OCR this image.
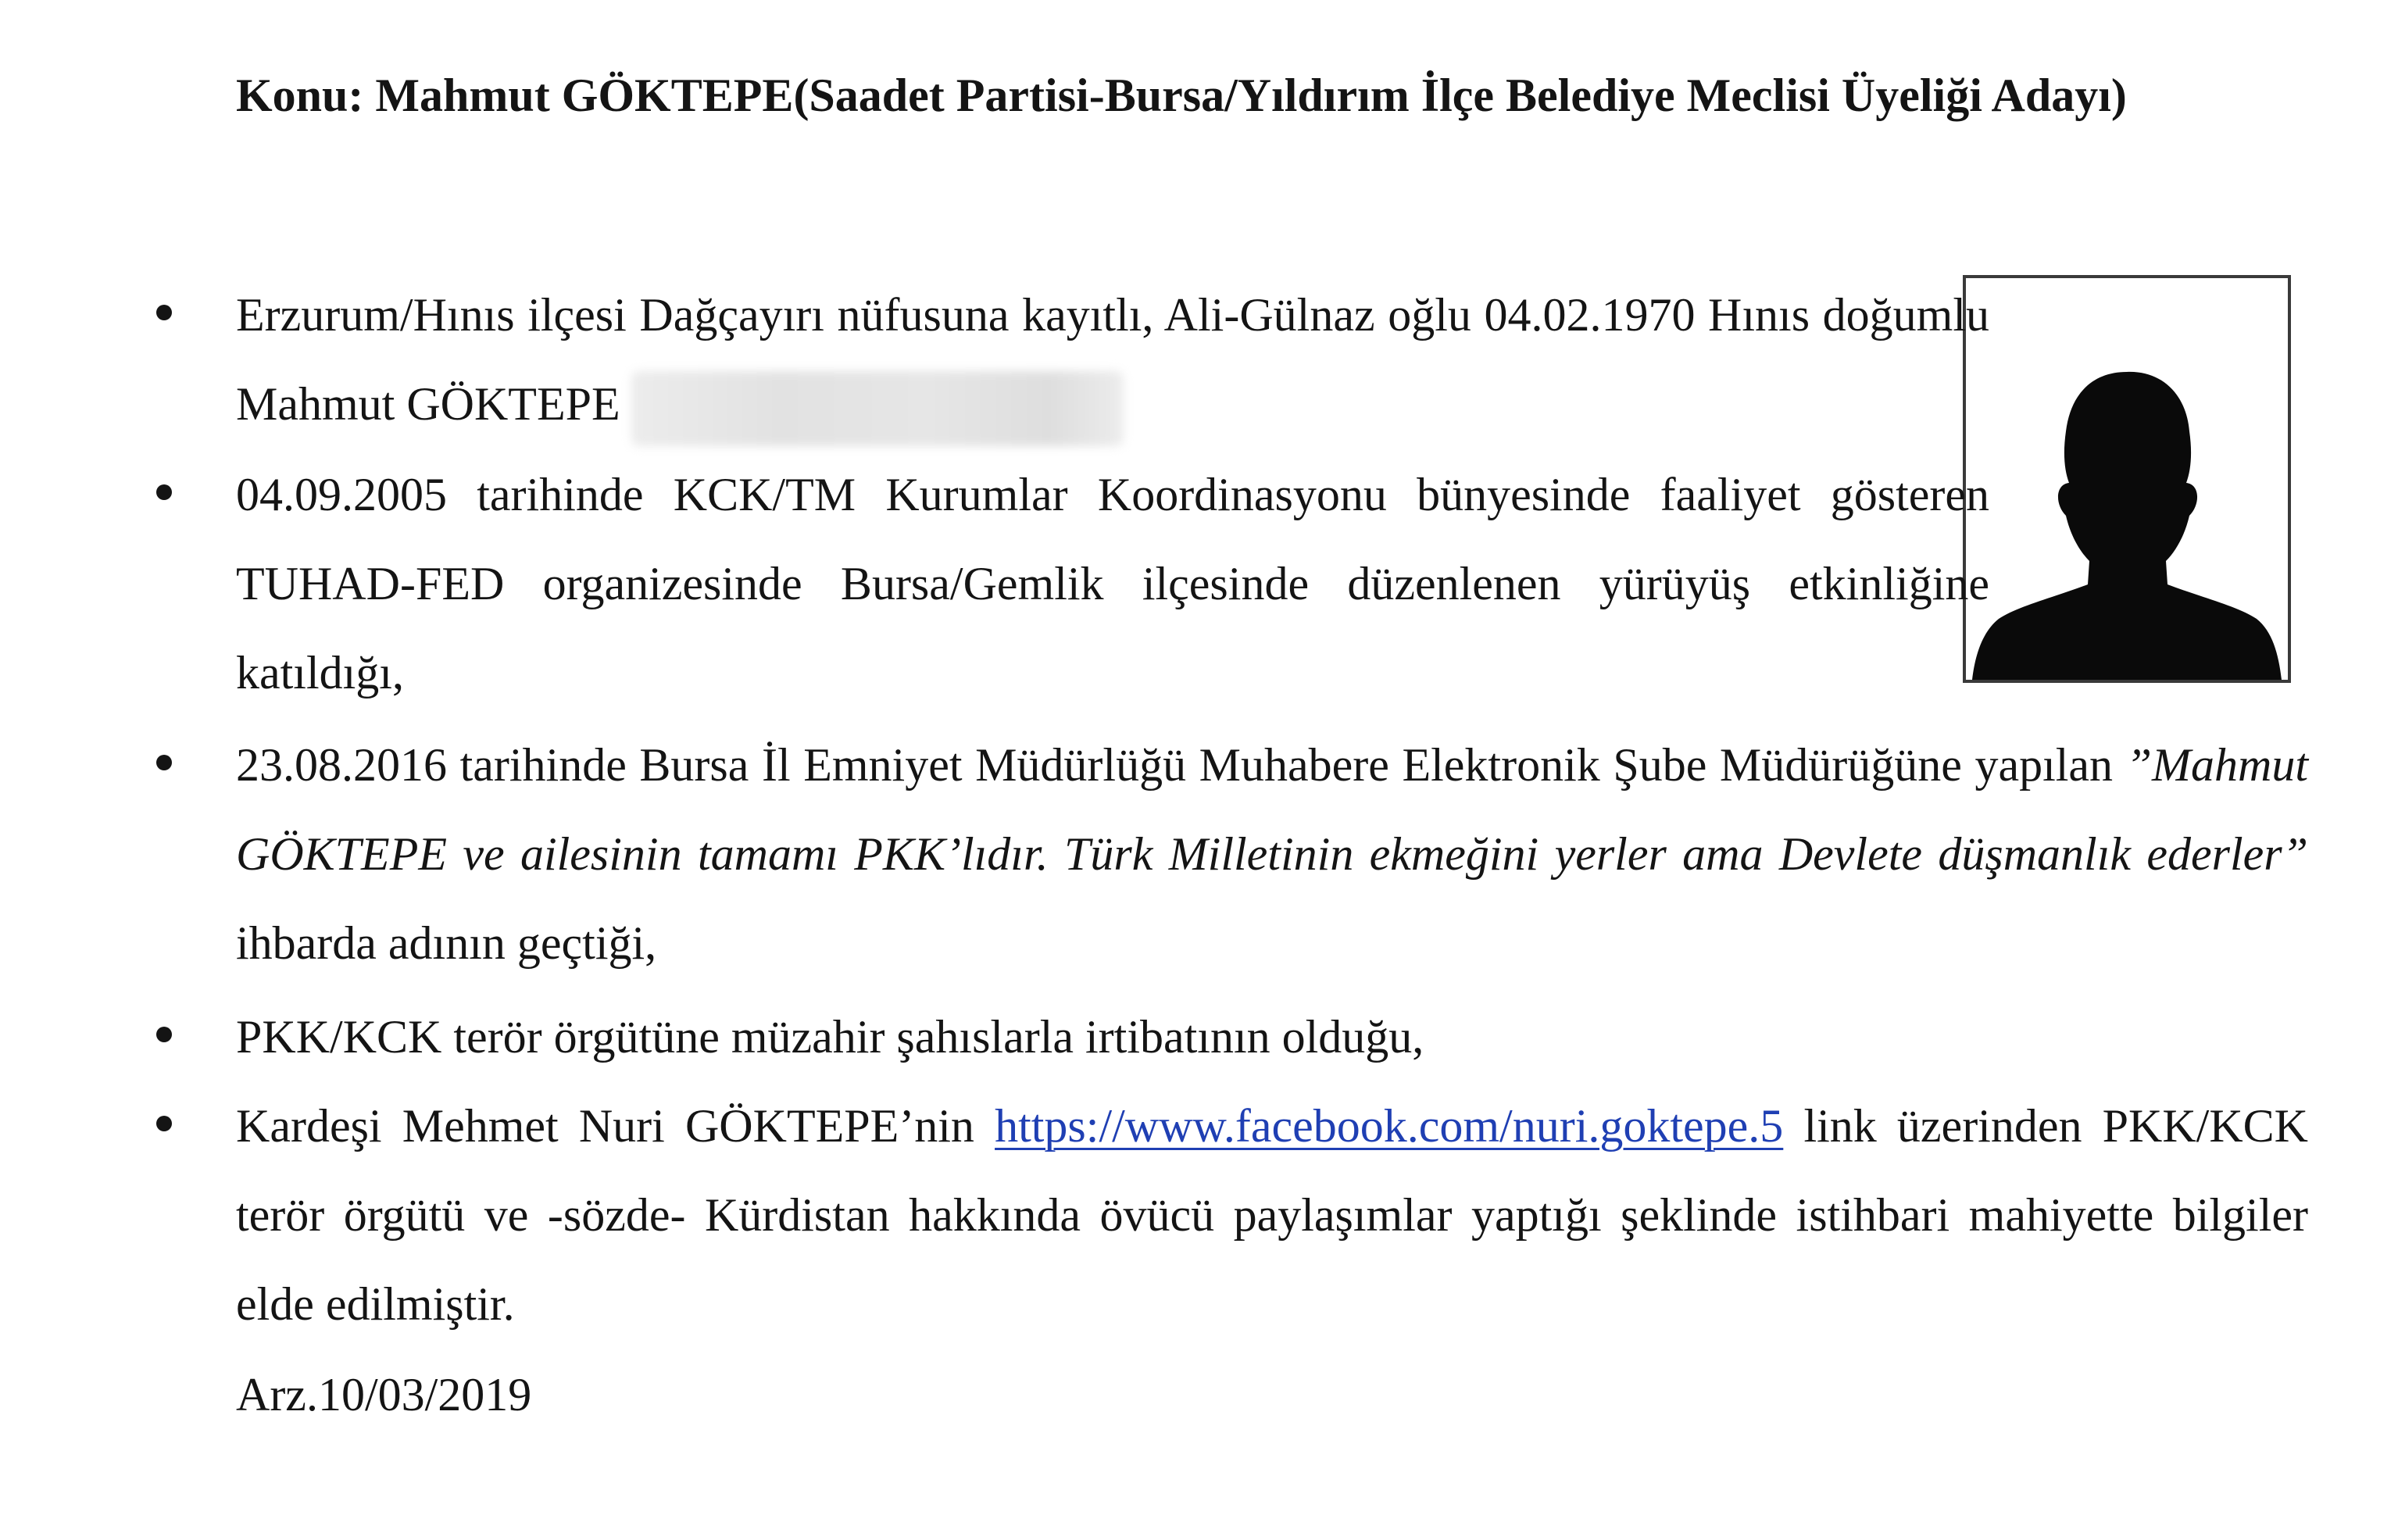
Konu: Mahmut GÖKTEPE(Saadet Partisi-Bursa/Yıldırım İlçe Belediye Meclisi Üyeliği Adayı)
Erzurum/Hınıs ilçesi Dağçayırı nüfusuna kayıtlı, Ali-Gülnaz oğlu 04.02.1970 Hınıs doğumlu Mahmut GÖKTEPE
04.09.2005 tarihinde KCK/TM Kurumlar Koordinasyonu bünyesinde faaliyet gösteren TUHAD-FED organizesinde Bursa/Gemlik ilçesinde düzenlenen yürüyüş etkinliğine katıldığı,
23.08.2016 tarihinde Bursa İl Emniyet Müdürlüğü Muhabere Elektronik Şube Müdürüğüne yapılan ”Mahmut GÖKTEPE ve ailesinin tamamı PKK’lıdır. Türk Milletinin ekmeğini yerler ama Devlete düşmanlık ederler” ihbarda adının geçtiği,
PKK/KCK terör örgütüne müzahir şahıslarla irtibatının olduğu,
Kardeşi Mehmet Nuri GÖKTEPE’nin https://www.facebook.com/nuri.goktepe.5 link üzerinden PKK/KCK terör örgütü ve -sözde- Kürdistan hakkında övücü paylaşımlar yaptığı şeklinde istihbari mahiyette bilgiler elde edilmiştir.
Arz.10/03/2019
